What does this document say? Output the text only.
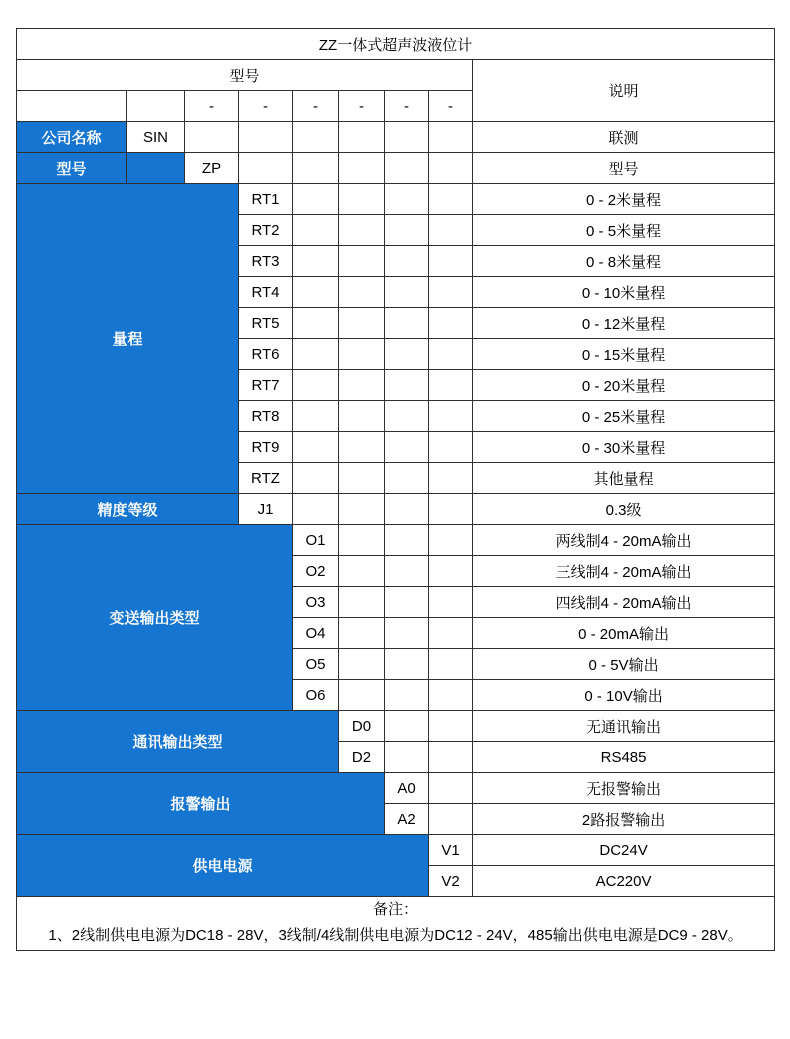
ZZ一体式超声波液位计								
型号								说明
		-	-	-	-	-	-	
公司名称	SIN							联测
型号		ZP						型号
量程			RT1					0 - 2米量程
			RT2					0 - 5米量程
			RT3					0 - 8米量程
			RT4					0 - 10米量程
			RT5					0 - 12米量程
			RT6					0 - 15米量程
			RT7					0 - 20米量程
			RT8					0 - 25米量程
			RT9					0 - 30米量程
			RTZ					其他量程
精度等级			J1					0.3级
变送输出类型				O1				两线制4 - 20mA输出
				O2				三线制4 - 20mA输出
				O3				四线制4 - 20mA输出
				O4				0 - 20mA输出
				O5				0 - 5V输出
				O6				0 - 10V输出
通讯输出类型					D0			无通讯输出
					D2			RS485
报警输出						A0		无报警输出
						A2		2路报警输出
供电电源							V1	DC24V
							V2	AC220V

备注：
1、2线制供电电源为DC18 - 28V，3线制/4线制供电电源为DC12 - 24V，485输出供电电源是DC9 - 28V。								
